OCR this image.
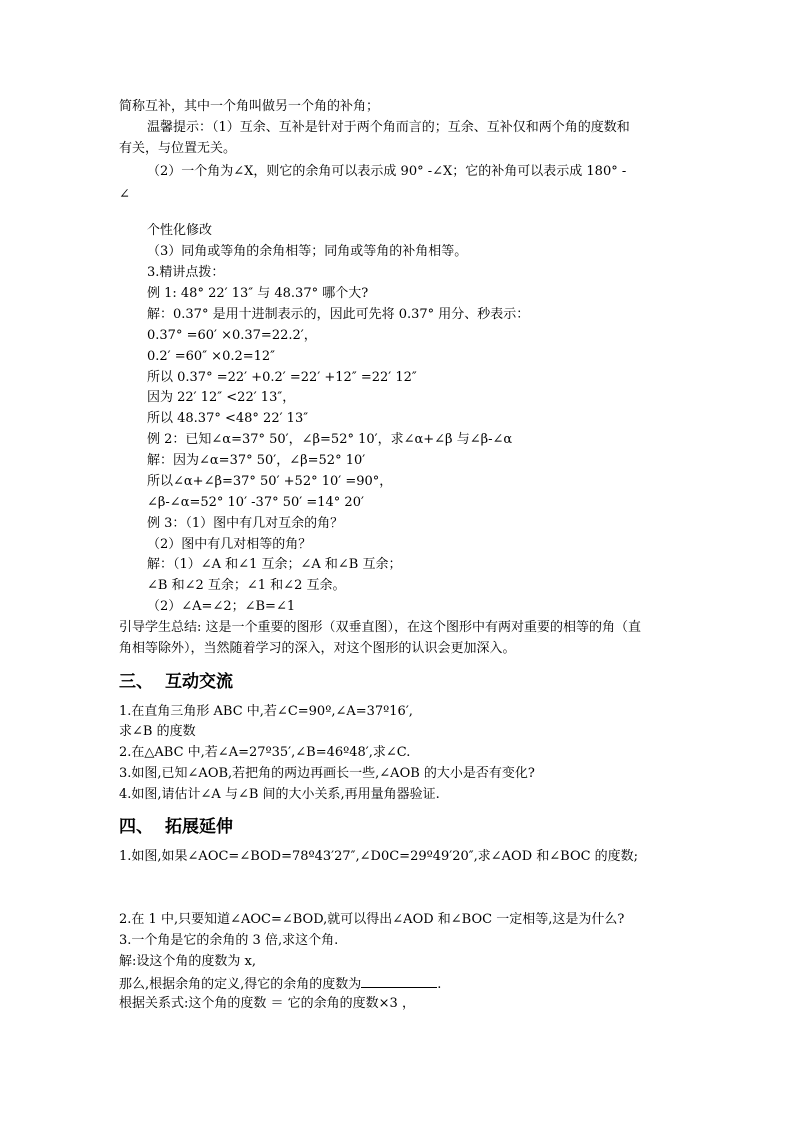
简称互补，其中一个角叫做另一个角的补角；
温馨提示：（1）互余、互补是针对于两个角而言的；互余、互补仅和两个角的度数和
有关，与位置无关。
（2）一个角为∠X，则它的余角可以表示成 90° -∠X；它的补角可以表示成 180° -
∠
个性化修改
（3）同角或等角的余角相等；同角或等角的补角相等。
3.精讲点拨：
例 1: 48° 22′ 13″ 与 48.37° 哪个大?
解：0.37° 是用十进制表示的，因此可先将 0.37° 用分、秒表示：
0.37° =60′ ×0.37=22.2′，
0.2′ =60″ ×0.2=12″
所以 0.37° =22′ +0.2′ =22′ +12″ =22′ 12″
因为 22′ 12″ <22′ 13″，
所以 48.37° <48° 22′ 13″
例 2：已知∠α=37° 50′，∠β=52° 10′，求∠α+∠β 与∠β-∠α
解：因为∠α=37° 50′，∠β=52° 10′
所以∠α+∠β=37° 50′ +52° 10′ =90°，
∠β-∠α=52° 10′ -37° 50′ =14° 20′
例 3：（1）图中有几对互余的角？
（2）图中有几对相等的角？
解：（1）∠A 和∠1 互余；∠A 和∠B 互余；
∠B 和∠2 互余；∠1 和∠2 互余。
（2）∠A=∠2；∠B=∠1
引导学生总结: 这是一个重要的图形（双垂直图），在这个图形中有两对重要的相等的角（直
角相等除外），当然随着学习的深入，对这个图形的认识会更加深入。
三、 互动交流
1.在直角三角形 ABC 中,若∠C=90º,∠A=37º16′,
求∠B 的度数
2.在△ABC 中,若∠A=27º35′,∠B=46º48′,求∠C.
3.如图,已知∠AOB,若把角的两边再画长一些,∠AOB 的大小是否有变化?
4.如图,请估计∠A 与∠B 间的大小关系,再用量角器验证.
四、 拓展延伸
1.如图,如果∠AOC=∠BOD=78º43′27″,∠D0C=29º49′20″,求∠AOD 和∠BOC 的度数;
2.在 1 中,只要知道∠AOC=∠BOD,就可以得出∠AOD 和∠BOC 一定相等,这是为什么?
3.一个角是它的余角的 3 倍,求这个角.
解:设这个角的度数为 x,
那么,根据余角的定义,得它的余角的度数为	.
根据关系式:这个角的度数 ＝ 它的余角的度数×3 ，
